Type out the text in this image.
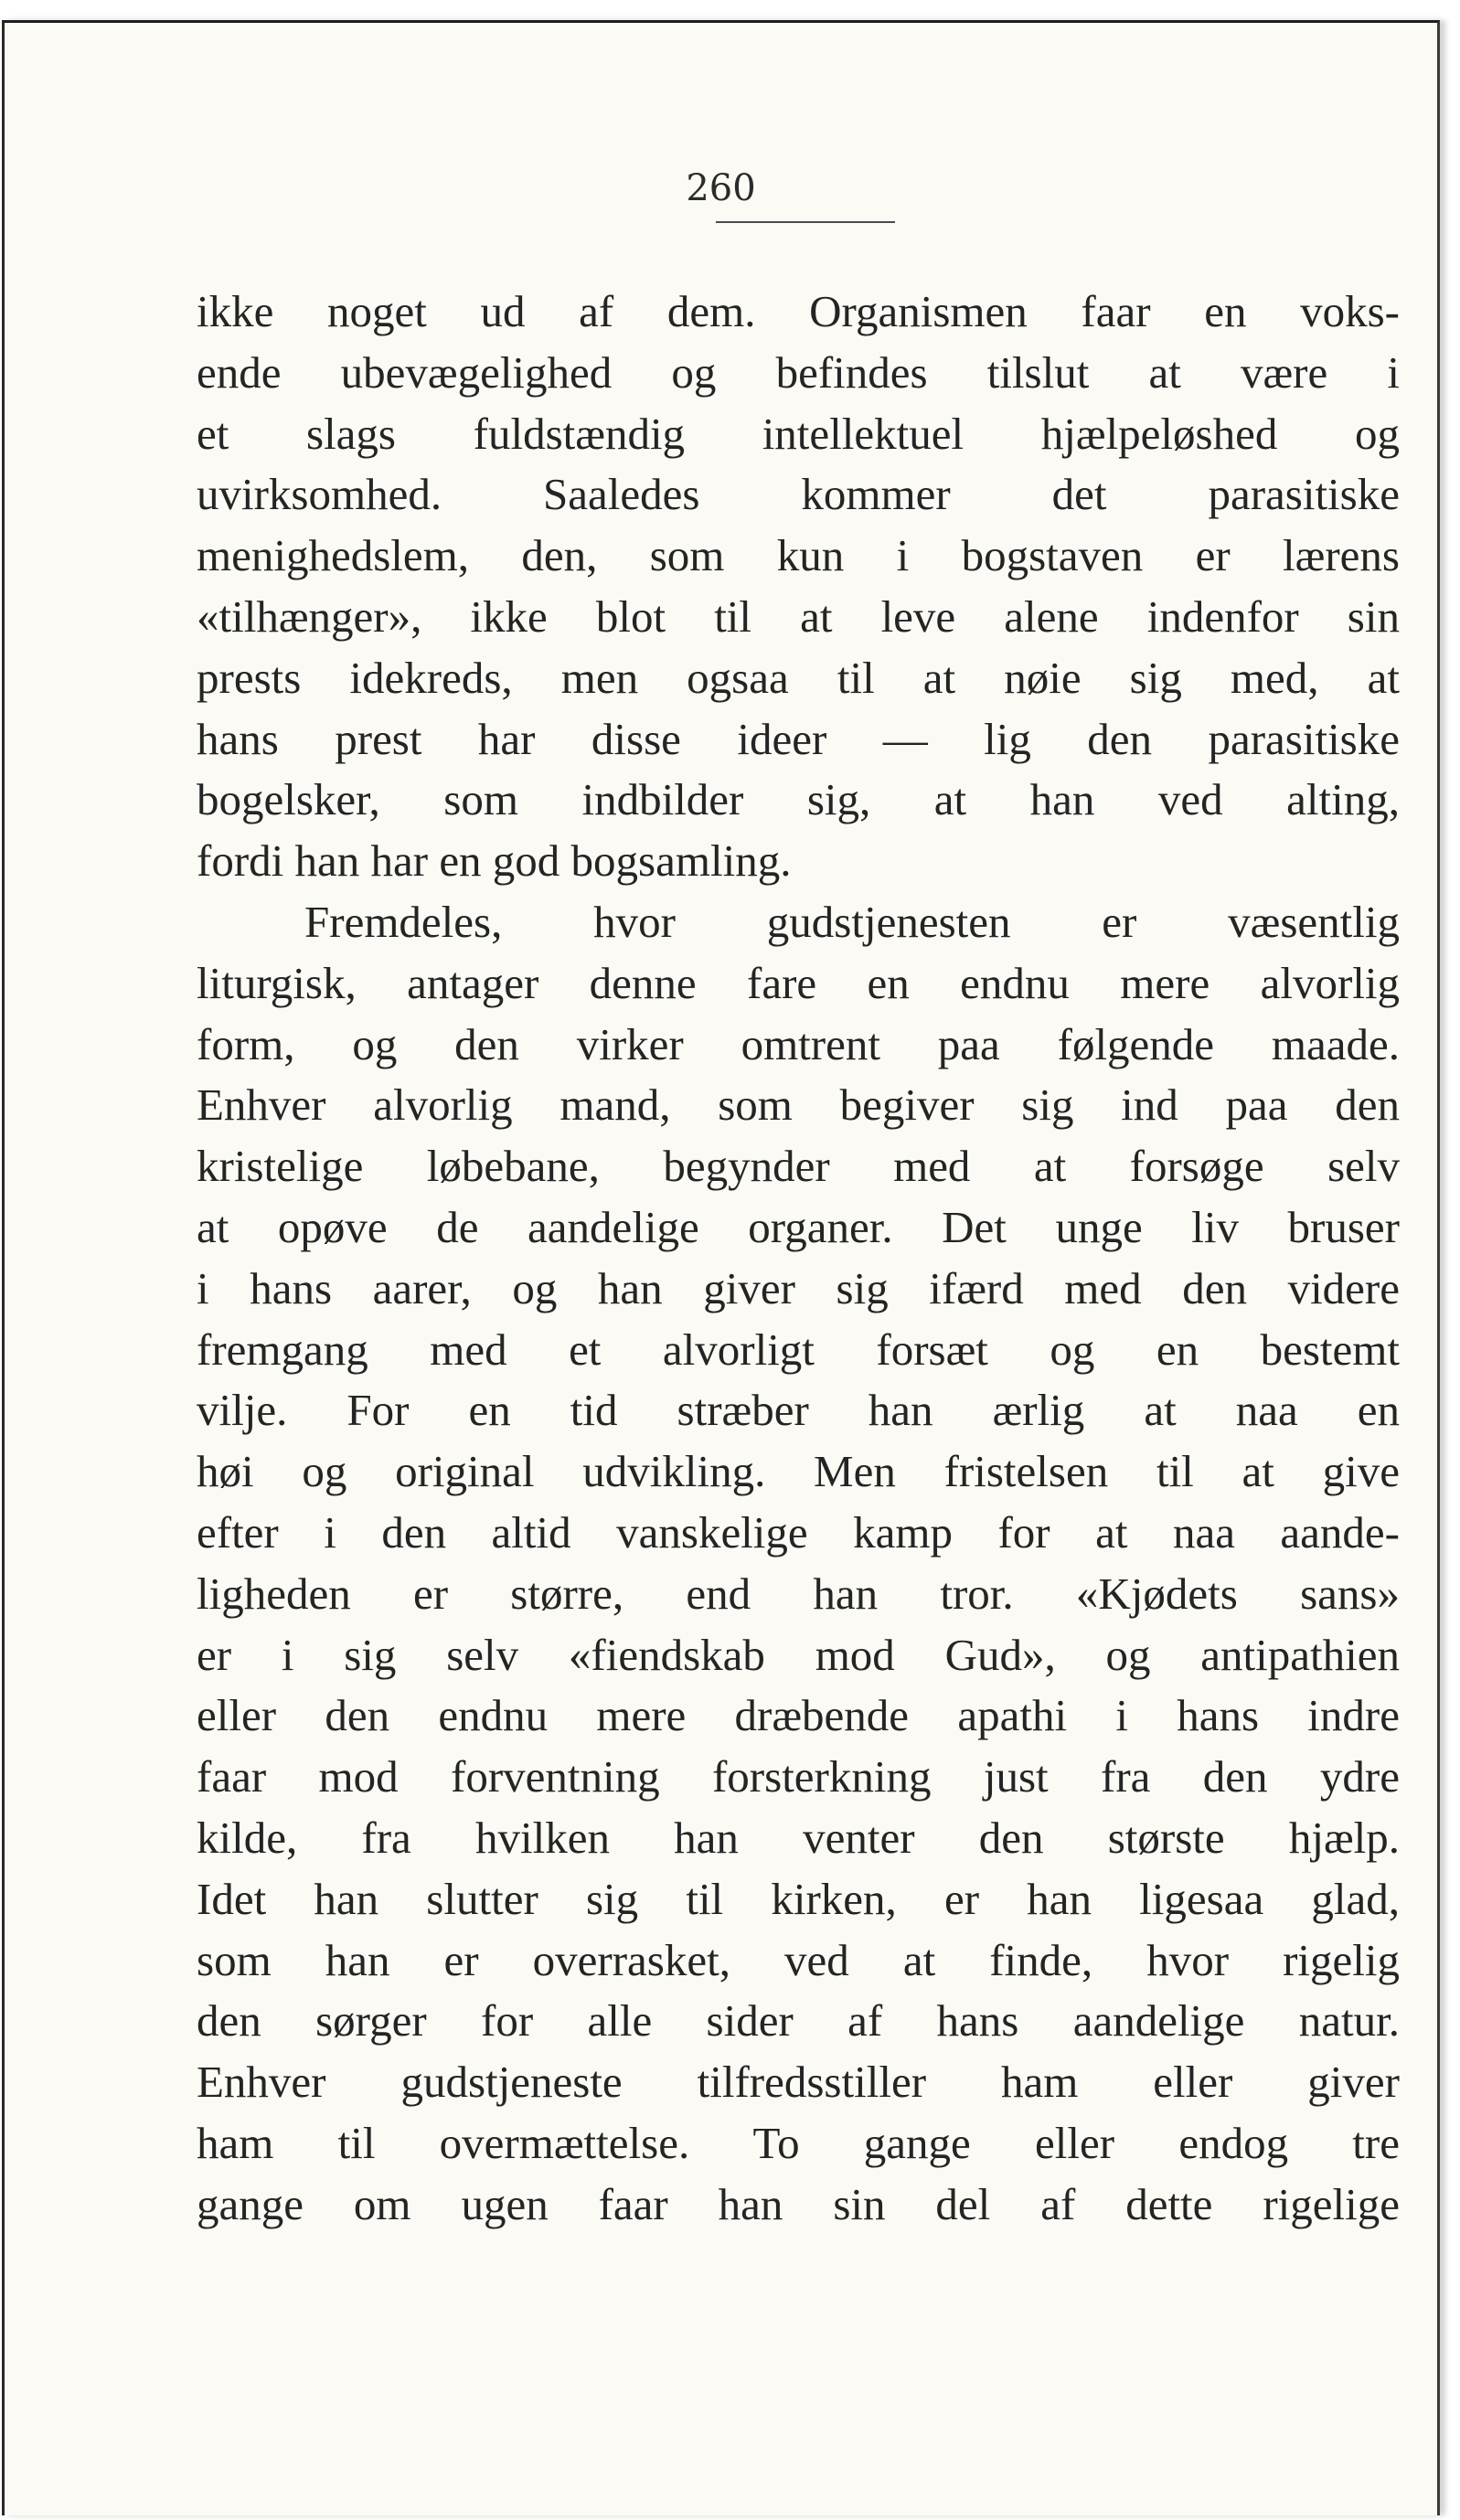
260
ikke noget ud af dem. Organismen faar en voks-
ende ubevægelighed og befindes tilslut at være i
et slags fuldstændig intellektuel hjælpeløshed og
uvirksomhed. Saaledes kommer det parasitiske
menighedslem, den, som kun i bogstaven er lærens
«tilhænger», ikke blot til at leve alene indenfor sin
prests idekreds, men ogsaa til at nøie sig med, at
hans prest har disse ideer — lig den parasitiske
bogelsker, som indbilder sig, at han ved alting,
fordi han har en god bogsamling.
Fremdeles, hvor gudstjenesten er væsentlig
liturgisk, antager denne fare en endnu mere alvorlig
form, og den virker omtrent paa følgende maade.
Enhver alvorlig mand, som begiver sig ind paa den
kristelige løbebane, begynder med at forsøge selv
at opøve de aandelige organer. Det unge liv bruser
i hans aarer, og han giver sig ifærd med den videre
fremgang med et alvorligt forsæt og en bestemt
vilje. For en tid stræber han ærlig at naa en
høi og original udvikling. Men fristelsen til at give
efter i den altid vanskelige kamp for at naa aande-
ligheden er større, end han tror. «Kjødets sans»
er i sig selv «fiendskab mod Gud», og antipathien
eller den endnu mere dræbende apathi i hans indre
faar mod forventning forsterkning just fra den ydre
kilde, fra hvilken han venter den største hjælp.
Idet han slutter sig til kirken, er han ligesaa glad,
som han er overrasket, ved at finde, hvor rigelig
den sørger for alle sider af hans aandelige natur.
Enhver gudstjeneste tilfredsstiller ham eller giver
ham til overmættelse. To gange eller endog tre
gange om ugen faar han sin del af dette rigelige
